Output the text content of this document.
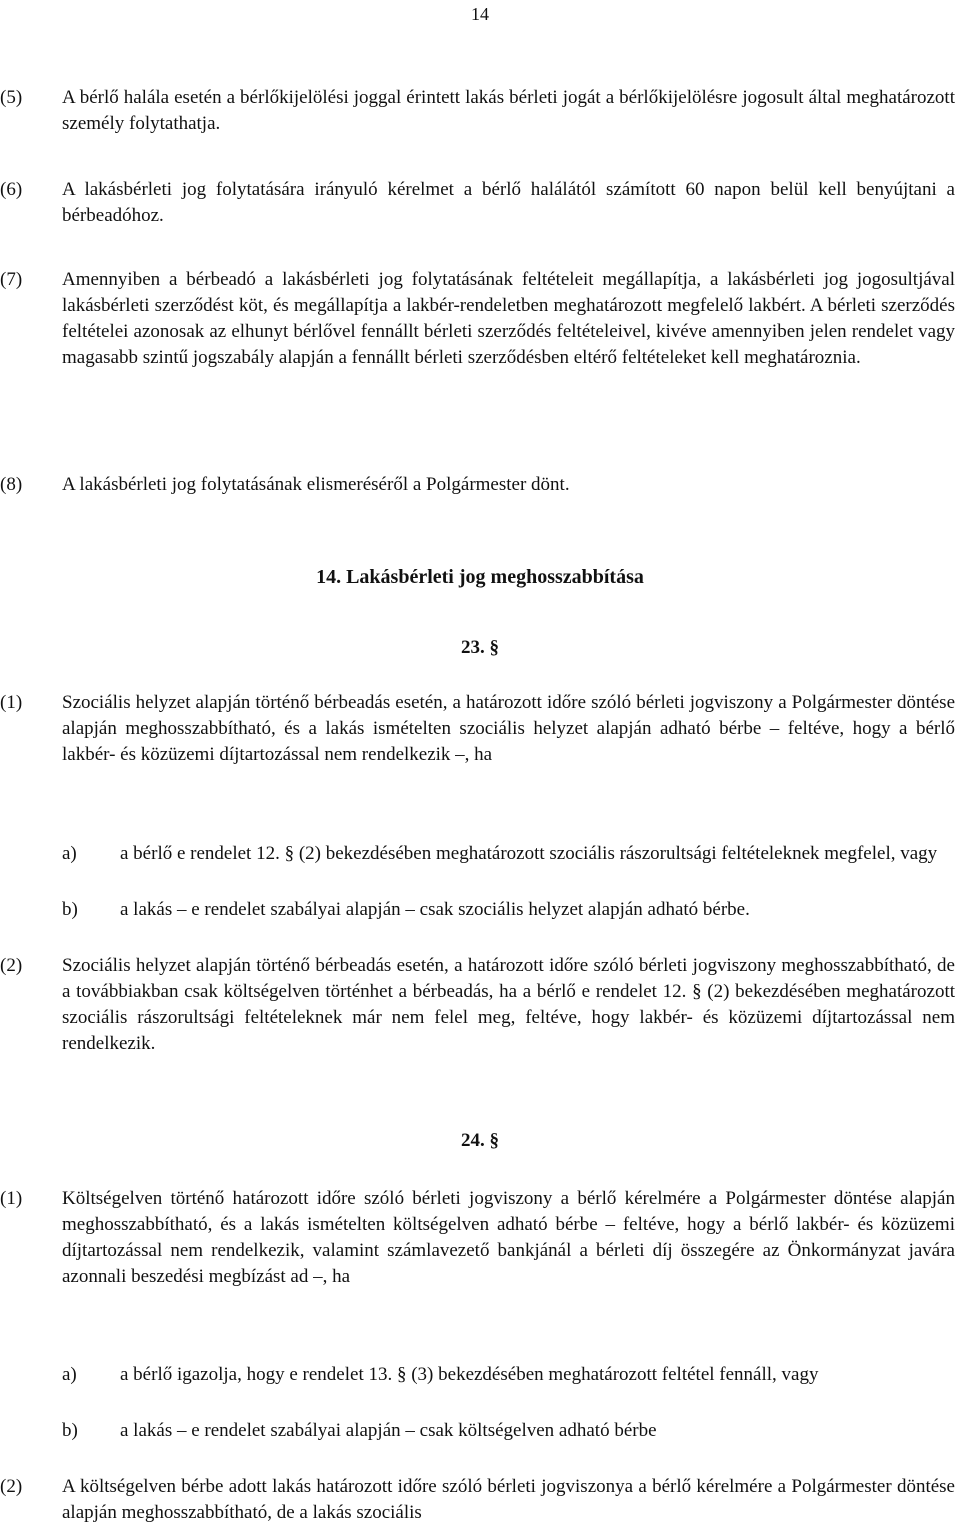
14
(5)	A bérlő halála esetén a bérlőkijelölési joggal érintett lakás bérleti jogát a bérlőkijelölésre jogosult által meghatározott személy folytathatja.
(6)	A lakásbérleti jog folytatására irányuló kérelmet a bérlő halálától számított 60 napon belül kell benyújtani a bérbeadóhoz.
(7)	Amennyiben a bérbeadó a lakásbérleti jog folytatásának feltételeit megállapítja, a lakásbérleti jog jogosultjával lakásbérleti szerződést köt, és megállapítja a lakbér-rendeletben meghatározott megfelelő lakbért. A bérleti szerződés feltételei azonosak az elhunyt bérlővel fennállt bérleti szerződés feltételeivel, kivéve amennyiben jelen rendelet vagy magasabb szintű jogszabály alapján a fennállt bérleti szerződésben eltérő feltételeket kell meghatároznia.
(8)	A lakásbérleti jog folytatásának elismeréséről a Polgármester dönt.
14. Lakásbérleti jog meghosszabbítása
23. §
(1)	Szociális helyzet alapján történő bérbeadás esetén, a határozott időre szóló bérleti jogviszony a Polgármester döntése alapján meghosszabbítható, és a lakás ismételten szociális helyzet alapján adható bérbe – feltéve, hogy a bérlő lakbér- és közüzemi díjtartozással nem rendelkezik –, ha
a)	a bérlő e rendelet 12. § (2) bekezdésében meghatározott szociális rászorultsági feltételeknek megfelel, vagy
b)	a lakás – e rendelet szabályai alapján – csak szociális helyzet alapján adható bérbe.
(2)	Szociális helyzet alapján történő bérbeadás esetén, a határozott időre szóló bérleti jogviszony meghosszabbítható, de a továbbiakban csak költségelven történhet a bérbeadás, ha a bérlő e rendelet 12. § (2) bekezdésében meghatározott szociális rászorultsági feltételeknek már nem felel meg, feltéve, hogy lakbér- és közüzemi díjtartozással nem rendelkezik.
24. §
(1)	Költségelven történő határozott időre szóló bérleti jogviszony a bérlő kérelmére a Polgármester döntése alapján meghosszabbítható, és a lakás ismételten költségelven adható bérbe – feltéve, hogy a bérlő lakbér- és közüzemi díjtartozással nem rendelkezik, valamint számlavezető bankjánál a bérleti díj összegére az Önkormányzat javára azonnali beszedési megbízást ad –, ha
a)	a bérlő igazolja, hogy e rendelet 13. § (3) bekezdésében meghatározott feltétel fennáll, vagy
b)	a lakás – e rendelet szabályai alapján – csak költségelven adható bérbe
(2)	A költségelven bérbe adott lakás határozott időre szóló bérleti jogviszonya a bérlő kérelmére a Polgármester döntése alapján meghosszabbítható, de a lakás szociális
